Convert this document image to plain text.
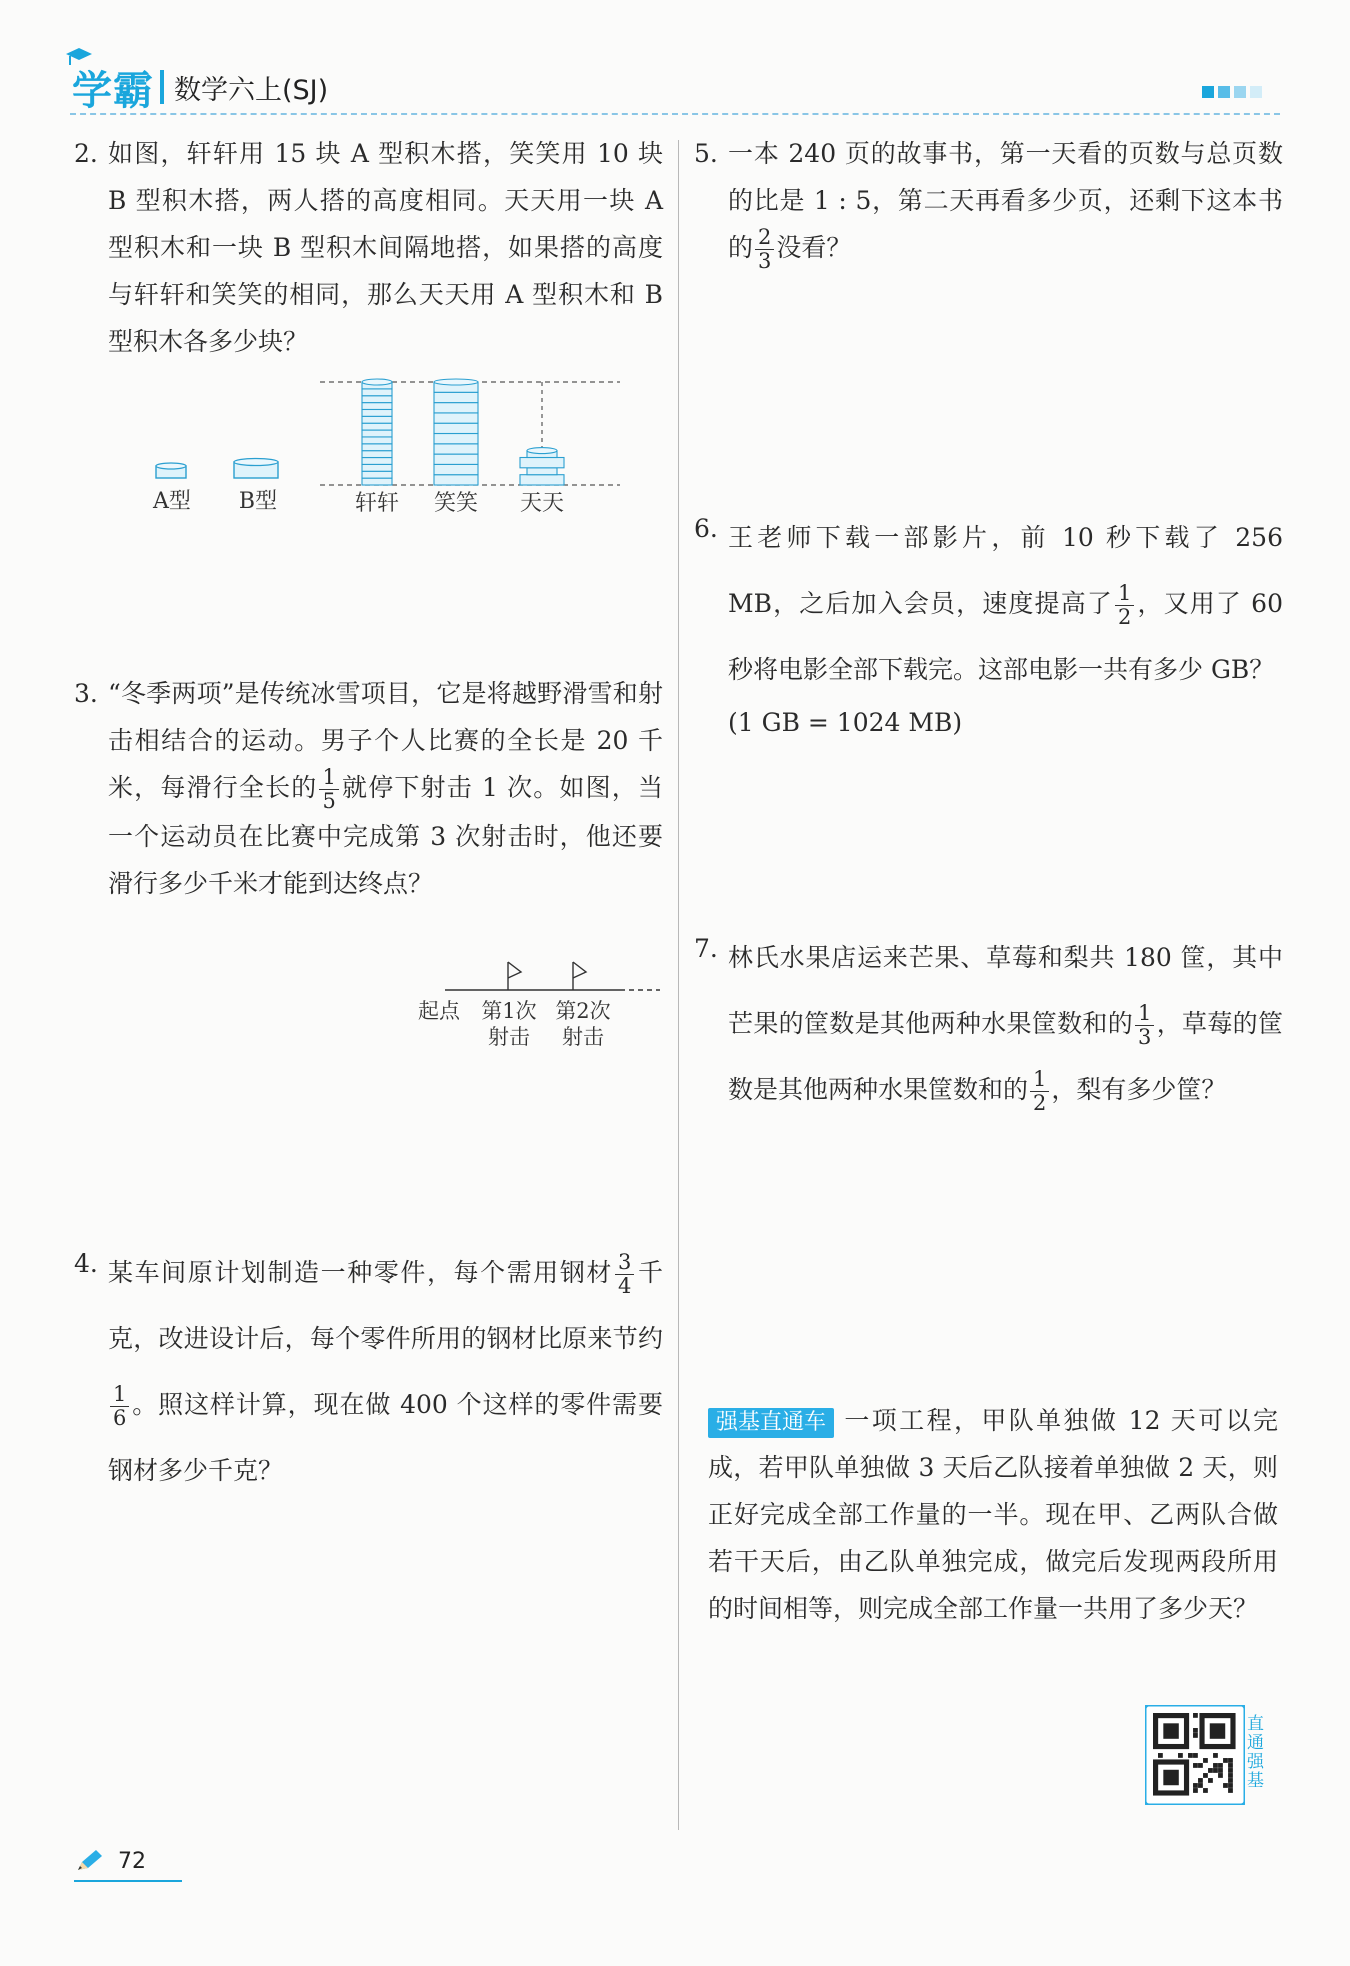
学霸 数学六上(SJ)
2. 如图，轩轩用 15 块 A 型积木搭，笑笑用 10 块 B 型积木搭，两人搭的高度相同。天天用一块 A 型积木和一块 B 型积木间隔地搭，如果搭的高度与轩轩和笑笑的相同，那么天天用 A 型积木和 B 型积木各多少块？

A型 B型	轩轩 笑笑 天天
3. “冬季两项”是传统冰雪项目，它是将越野滑雪和射击相结合的运动。男子个人比赛的全长是 20 千米，每滑行全长的 $\frac{1}{5}$ 就停下射击 1 次。如图，当一个运动员在比赛中完成第 3 次射击时，他还要滑行多少千米才能到达终点？

起点 第1次 第2次
射击 射击
4. 某车间原计划制造一种零件，每个需用钢材 $\frac{3}{4}$ 千克，改进设计后，每个零件所用的钢材比原来节约
$\frac{1}{6}$ 。照这样计算，现在做 400 个这样的零件需要钢材多少千克？

5. 一本 240 页的故事书，第一天看的页数与总页数的比是 1 : 5，第二天再看多少页，还剩下这本书的 $\frac{2}{3}$ 没看？

6. 王老师下载一部影片，前 10 秒下载了 256 MB，之后加入会员，速度提高了 $\frac{1}{2}$ ，又用了 60 秒将电影全部下载完。这部电影一共有多少 GB？

(1 GB = 1024 MB)

7. 林氏水果店运来芒果、草莓和梨共 180 筐，其中芒果的筐数是其他两种水果筐数和的 $\frac{1}{3}$ ，草莓的筐数是其他两种水果筐数和的 $\frac{1}{2}$ ，梨有多少筐？

强基直通车 一项工程，甲队单独做 12 天可以完成，若甲队单独做 3 天后乙队接着单独做 2 天，则正好完成全部工作量的一半。现在甲、乙两队合做若干天后，由乙队单独完成，做完后发现两段所用的时间相等，则完成全部工作量一共用了多少天？

直通强基
72
